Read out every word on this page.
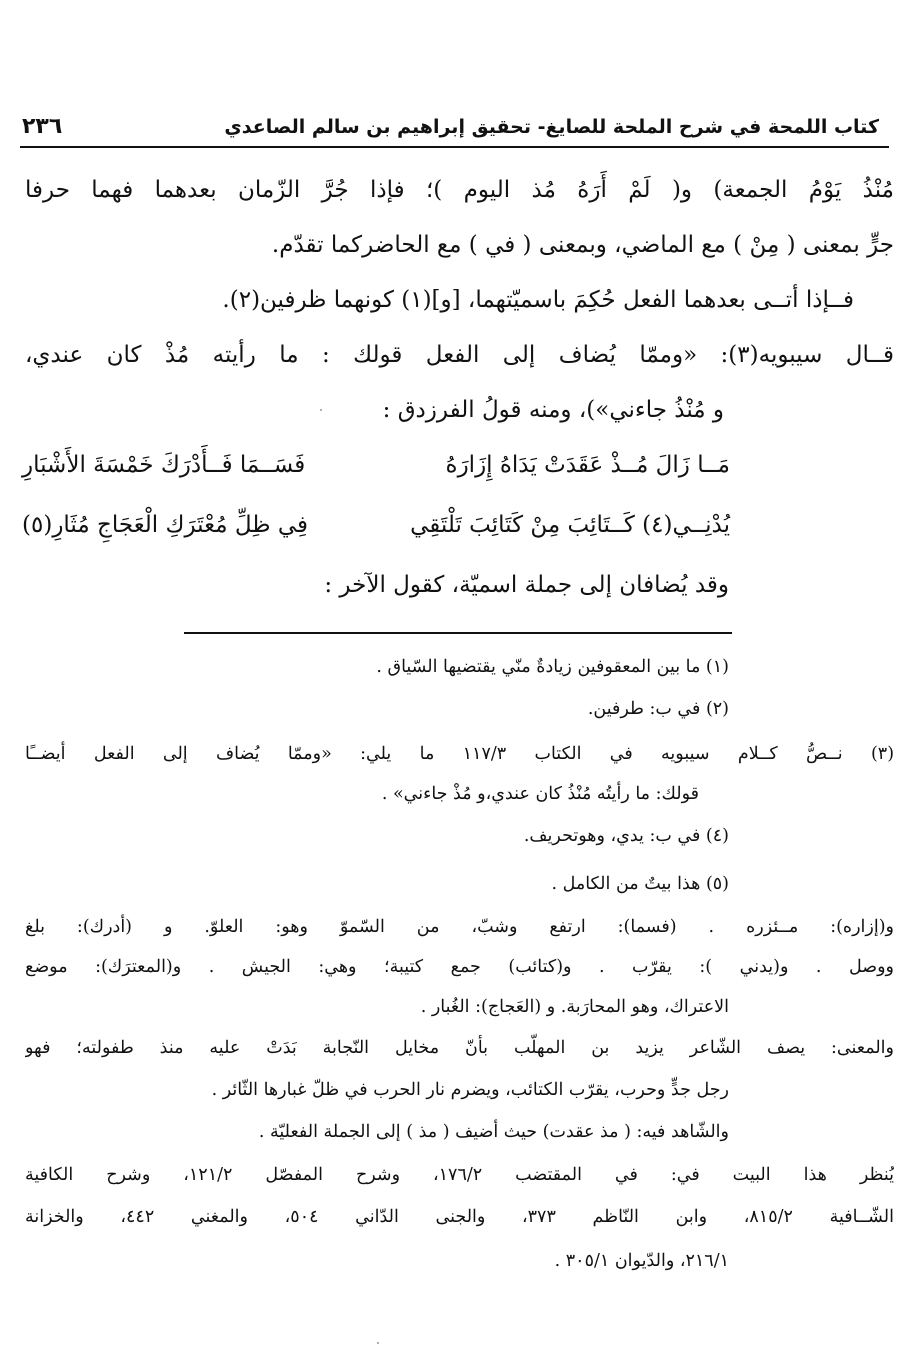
كتاب اللمحة في شرح الملحة للصايغ- تحقيق إبراهيم بن سالم الصاعدي
٢٣٦
مُنْذُ يَوْمُ الجمعة) و( لَمْ أَرَهُ مُذ اليوم )؛ فإذا جُرَّ الزّمان بعدهما فهما حرفا
جرٍّ بمعنى ( مِنْ ) مع الماضي، وبمعنى ( في ) مع الحاضركما تقدّم.
فــإذا أتــى بعدهما الفعل حُكِمَ باسميّتهما، [و](١) كونهما ظرفين(٢).
قــال سيبويه(٣): «وممّا يُضاف إلى الفعل قولك : ما رأيته مُذْ كان عندي،
و مُنْذُ جاءني»)، ومنه قولُ الفرزدق :
مَــا زَالَ مُــذْ عَقَدَتْ يَدَاهُ إِزَارَهُ
فَسَــمَا فَــأَدْرَكَ خَمْسَةَ الأَشْبَارِ
يُدْنِــي(٤) كَــتَائِبَ مِنْ كَتَائِبَ تَلْتَقِي
فِي ظِلِّ مُعْتَرَكِ الْعَجَاجِ مُثَارِ(٥)
وقد يُضافان إلى جملة اسميّة، كقول الآخر :
(١) ما بين المعقوفين زيادةٌ منّي يقتضيها السّياق .
(٢) في ب: طرفين.
(٣) نــصُّ كــلام سيبويه في الكتاب ١١٧/٣ ما يلي: «وممّا يُضاف إلى الفعل أيضــًا
قولك: ما رأيتُه مُنْذُ كان عندي،و مُذْ جاءني» .
(٤) في ب: يدي، وهوتحريف.
(٥) هذا بيتٌ من الكامل .
و(إزاره): مــئزره . (فسما): ارتفع وشبّ، من السّموّ وهو: العلوّ. و (أدرك): بلغ
ووصل . و(يدني ): يقرّب . و(كتائب) جمع كتيبة؛ وهي: الجيش . و(المعترَك): موضع
الاعتراك، وهو المحارَبة. و (العَجاج): الغُبار .
والمعنى: يصف الشّاعر يزيد بن المهلّب بأنّ مخايل النّجابة بَدَتْ عليه منذ طفولته؛ فهو
رجل جدٍّ وحرب، يقرّب الكتائب، ويضرم نار الحرب في ظلّ غبارها الثّائر .
والشّاهد فيه: ( مذ عقدت) حيث أضيف ( مذ ) إلى الجملة الفعليّة .
يُنظر هذا البيت في: في المقتضب ١٧٦/٢، وشرح المفصّل ١٢١/٢، وشرح الكافية
الشّــافية ٨١٥/٢، وابن النّاظم ٣٧٣، والجنى الدّاني ٥٠٤، والمغني ٤٤٢، والخزانة
٢١٦/١، والدّيوان ٣٠٥/١ .
